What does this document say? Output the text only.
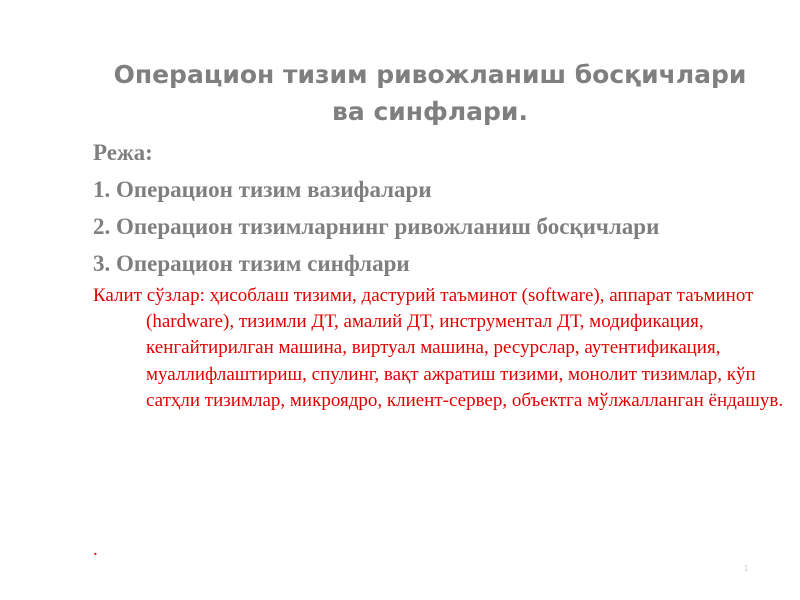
Операцион тизим ривожланиш босқичлари ва синфлари.
Режа:
1. Операцион тизим вазифалари
2. Операцион тизимларнинг ривожланиш босқичлари
3. Операцион тизим синфлари
Калит сўзлар: ҳисоблаш тизими, дастурий таъминот (software), аппарат таъминот (hardware), тизимли ДТ, амалий ДТ, инструментал ДТ, модификация, кенгайтирилган машина, виртуал машина, ресурслар, аутентификация, муаллифлаштириш, спулинг, вақт ажратиш тизими, монолит тизимлар, кўп сатҳли тизимлар, микроядро, клиент-сервер, объектга мўлжалланган ёндашув.
.
1
